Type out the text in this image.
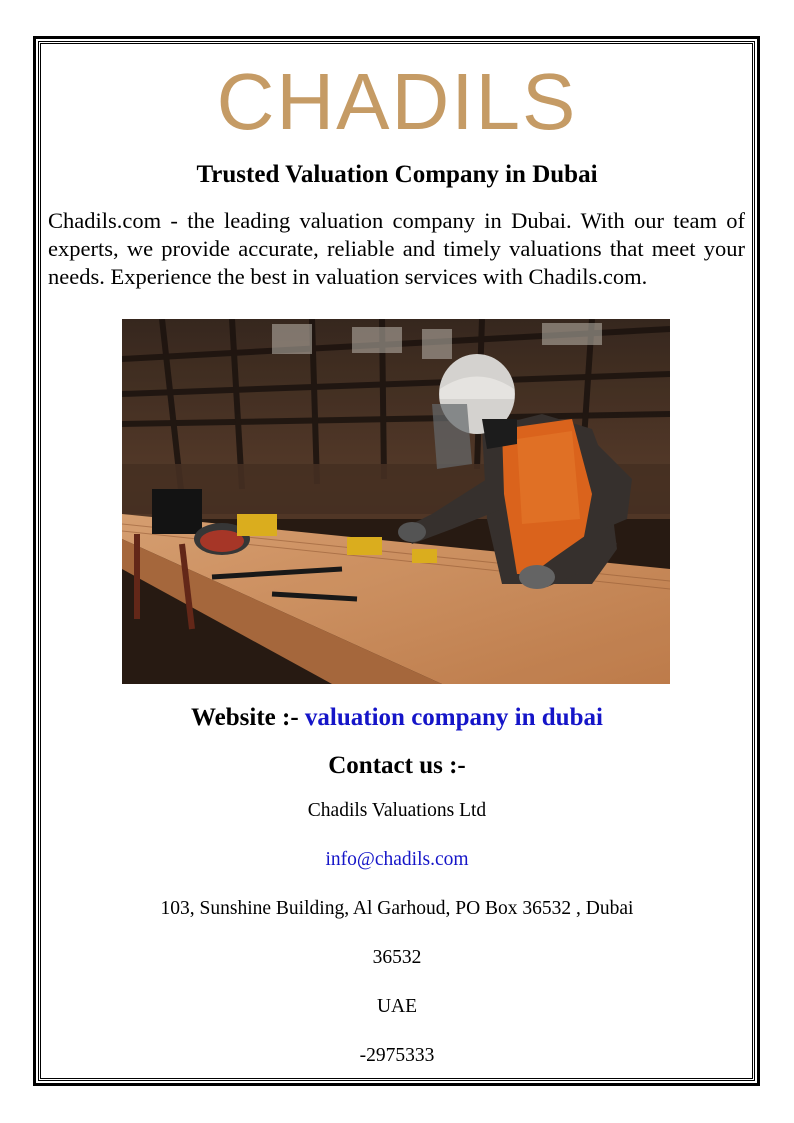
CHADILS
Trusted Valuation Company in Dubai
Chadils.com - the leading valuation company in Dubai. With our team of experts, we provide accurate, reliable and timely valuations that meet your needs. Experience the best in valuation services with Chadils.com.
Website :- valuation company in dubai
Contact us :-
Chadils Valuations Ltd
info@chadils.com
103, Sunshine Building, Al Garhoud, PO Box 36532 , Dubai
36532
UAE
-2975333
